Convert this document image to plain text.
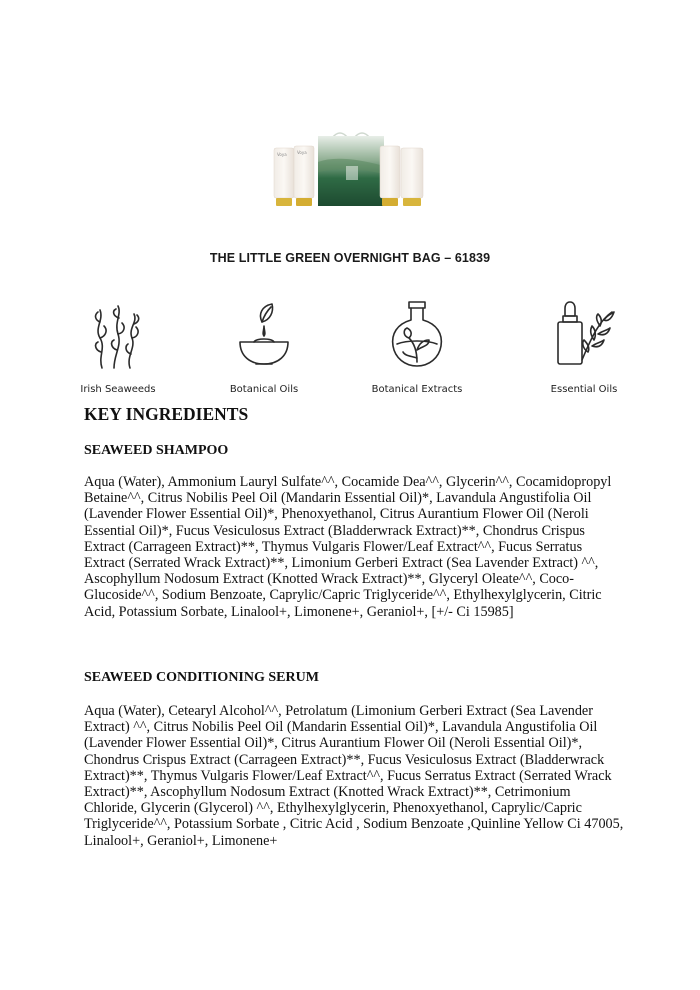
Voya	Voya
THE LITTLE GREEN OVERNIGHT BAG – 61839
Irish Seaweeds	Botanical Oils	Botanical Extracts	Essential Oils
KEY INGREDIENTS
SEAWEED SHAMPOO

Aqua (Water), Ammonium Lauryl Sulfate^^, Cocamide Dea^^, Glycerin^^, Cocamidopropyl Betaine^^, Citrus Nobilis Peel Oil (Mandarin Essential Oil)*, Lavandula Angustifolia Oil (Lavender Flower Essential Oil)*, Phenoxyethanol, Citrus Aurantium Flower Oil (Neroli Essential Oil)*, Fucus Vesiculosus Extract (Bladderwrack Extract)**, Chondrus Crispus Extract (Carrageen Extract)**, Thymus Vulgaris Flower/Leaf Extract^^, Fucus Serratus Extract (Serrated Wrack Extract)**, Limonium Gerberi Extract (Sea Lavender Extract) ^^, Ascophyllum Nodosum Extract (Knotted Wrack Extract)**, Glyceryl Oleate^^, Coco-Glucoside^^, Sodium Benzoate, Caprylic/Capric Triglyceride^^, Ethylhexylglycerin, Citric Acid, Potassium Sorbate, Linalool+, Limonene+, Geraniol+, [+/- Ci 15985]

SEAWEED CONDITIONING SERUM

Aqua (Water), Cetearyl Alcohol^^, Petrolatum (Limonium Gerberi Extract (Sea Lavender Extract) ^^, Citrus Nobilis Peel Oil (Mandarin Essential Oil)*, Lavandula Angustifolia Oil (Lavender Flower Essential Oil)*, Citrus Aurantium Flower Oil (Neroli Essential Oil)*, Chondrus Crispus Extract (Carrageen Extract)**, Fucus Vesiculosus Extract (Bladderwrack Extract)**, Thymus Vulgaris Flower/Leaf Extract^^, Fucus Serratus Extract (Serrated Wrack Extract)**, Ascophyllum Nodosum Extract (Knotted Wrack Extract)**, Cetrimonium Chloride, Glycerin (Glycerol) ^^, Ethylhexylglycerin, Phenoxyethanol, Caprylic/Capric Triglyceride^^, Potassium Sorbate , Citric Acid , Sodium Benzoate ,Quinline Yellow Ci 47005, Linalool+, Geraniol+, Limonene+
